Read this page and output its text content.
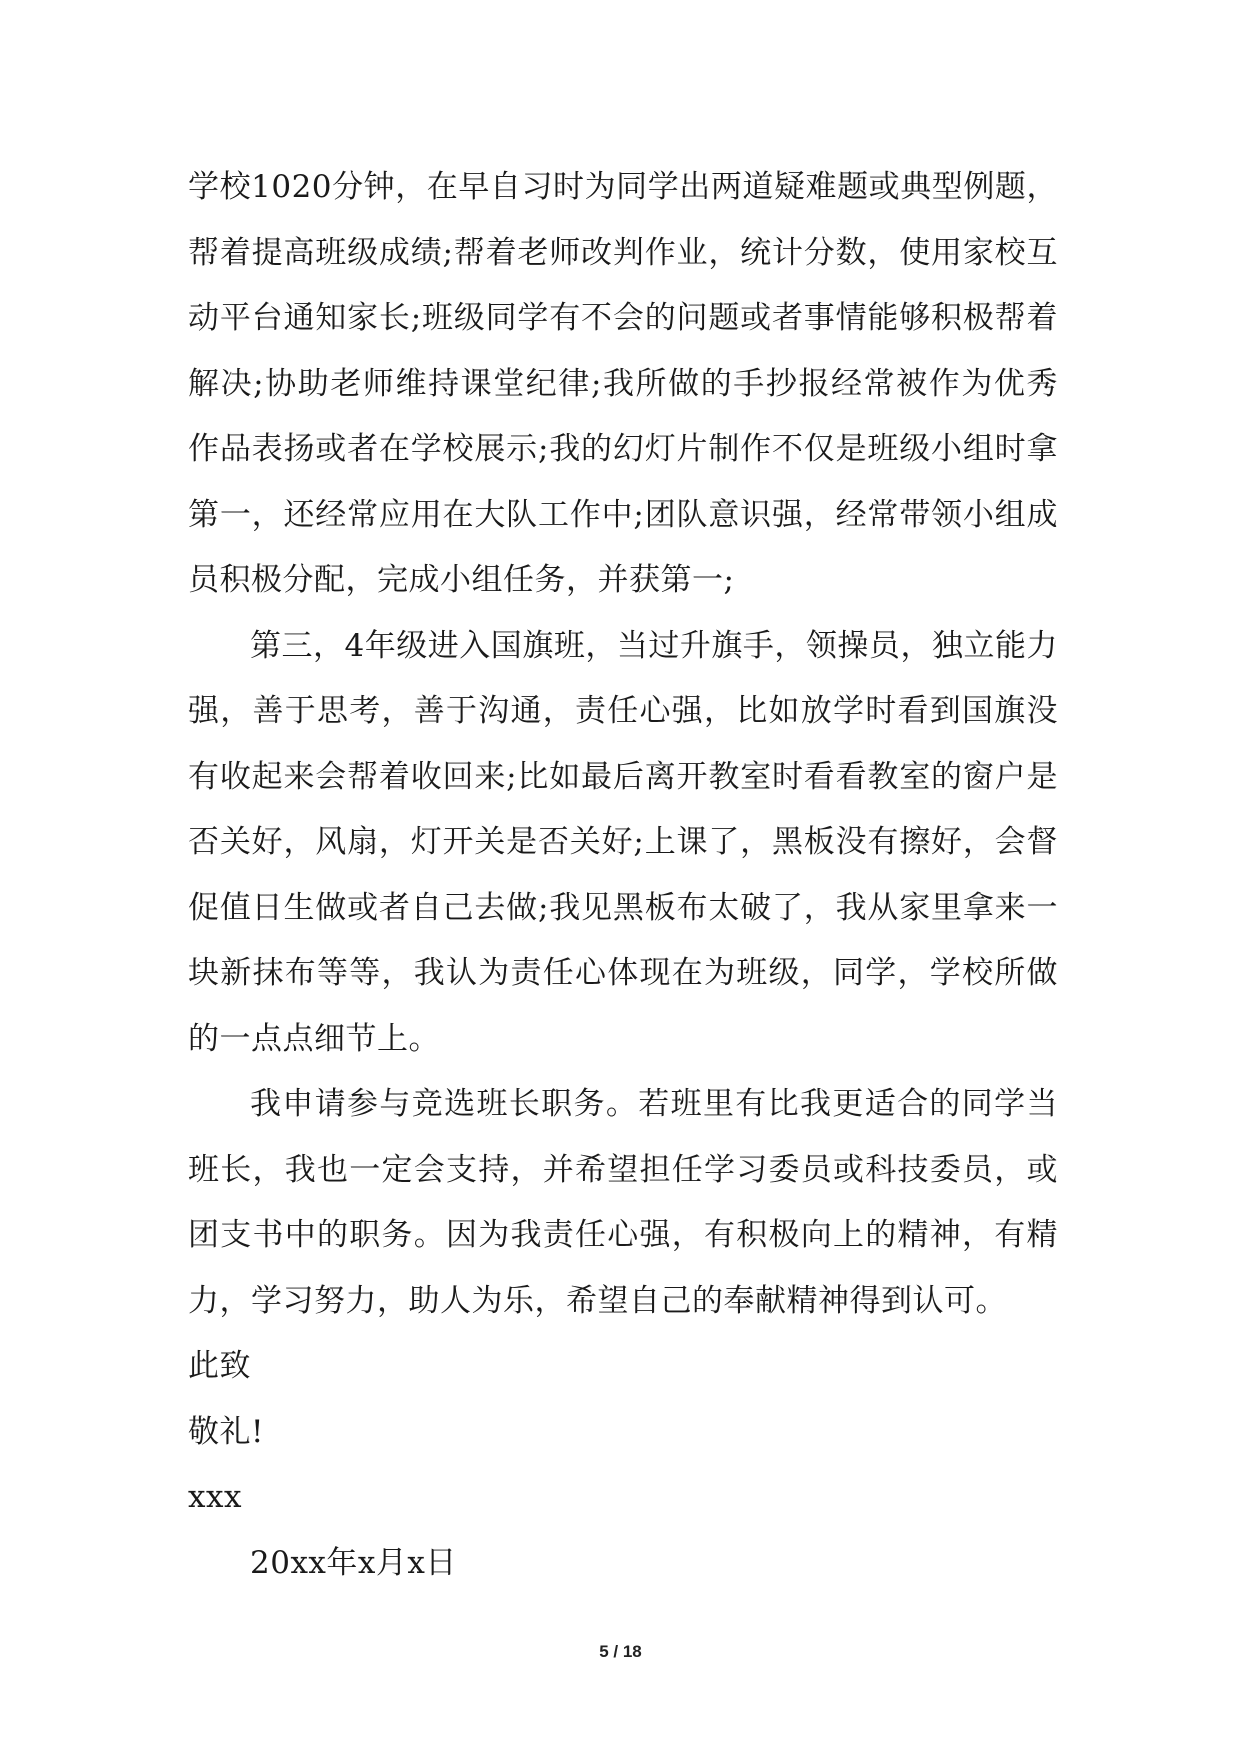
学校1020分钟，在早自习时为同学出两道疑难题或典型例题，帮着提高班级成绩;帮着老师改判作业，统计分数，使用家校互动平台通知家长;班级同学有不会的问题或者事情能够积极帮着解决;协助老师维持课堂纪律;我所做的手抄报经常被作为优秀作品表扬或者在学校展示;我的幻灯片制作不仅是班级小组时拿第一，还经常应用在大队工作中;团队意识强，经常带领小组成员积极分配，完成小组任务，并获第一;

第三，4年级进入国旗班，当过升旗手，领操员，独立能力强，善于思考，善于沟通，责任心强，比如放学时看到国旗没有收起来会帮着收回来;比如最后离开教室时看看教室的窗户是否关好，风扇，灯开关是否关好;上课了，黑板没有擦好，会督促值日生做或者自己去做;我见黑板布太破了，我从家里拿来一块新抹布等等，我认为责任心体现在为班级，同学，学校所做的一点点细节上。

我申请参与竞选班长职务。若班里有比我更适合的同学当班长，我也一定会支持，并希望担任学习委员或科技委员，或团支书中的职务。因为我责任心强，有积极向上的精神，有精力，学习努力，助人为乐，希望自己的奉献精神得到认可。

此致

敬礼!

xxx

20xx年x月x日

5 / 18
